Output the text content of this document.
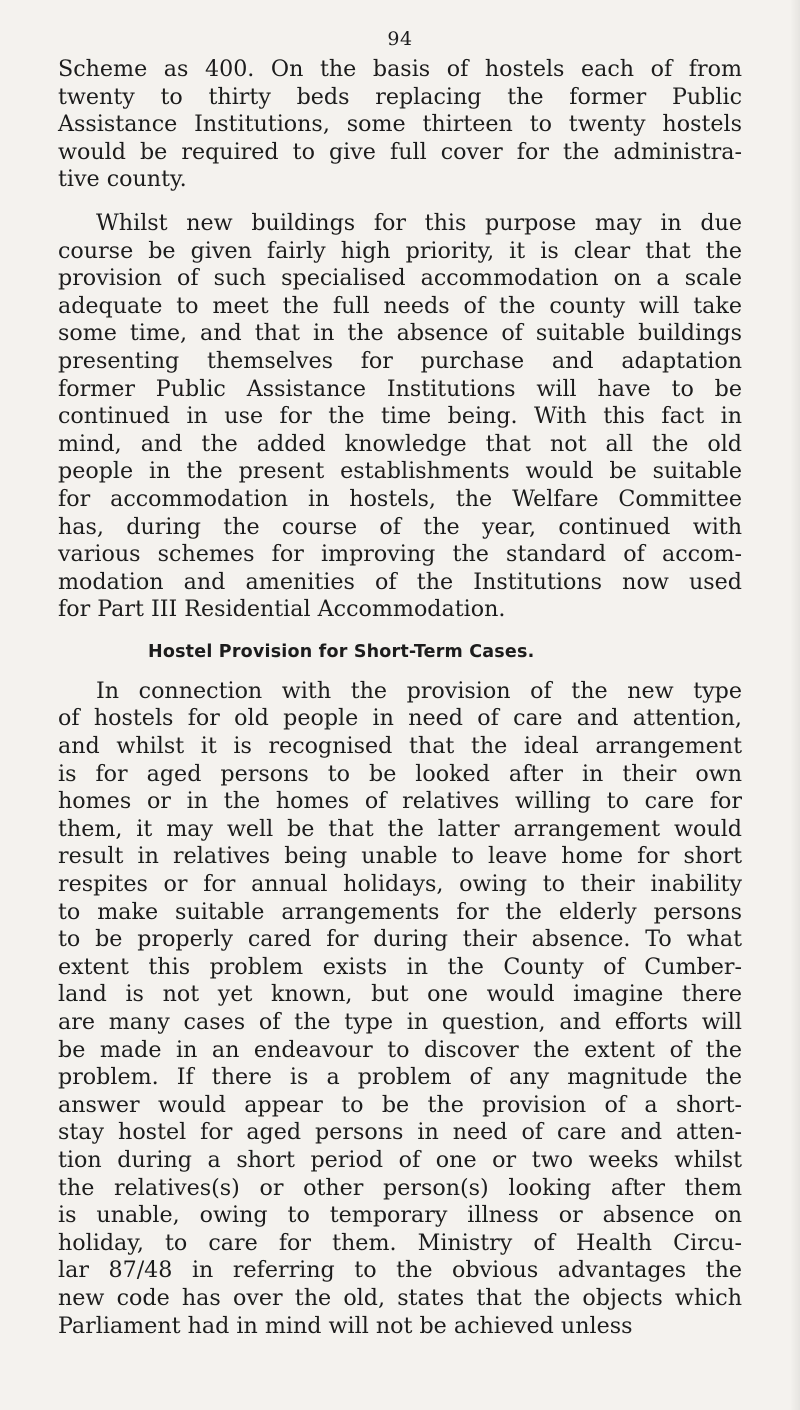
94

Scheme as 400. On the basis of hostels each of from
twenty to thirty beds replacing the former Public
Assistance Institutions, some thirteen to twenty hostels
would be required to give full cover for the administra-
tive county.

Whilst new buildings for this purpose may in due
course be given fairly high priority, it is clear that the
provision of such specialised accommodation on a scale
adequate to meet the full needs of the county will take
some time, and that in the absence of suitable buildings
presenting themselves for purchase and adaptation
former Public Assistance Institutions will have to be
continued in use for the time being. With this fact in
mind, and the added knowledge that not all the old
people in the present establishments would be suitable
for accommodation in hostels, the Welfare Committee
has, during the course of the year, continued with
various schemes for improving the standard of accom-
modation and amenities of the Institutions now used
for Part III Residential Accommodation.

Hostel Provision for Short-Term Cases.

In connection with the provision of the new type
of hostels for old people in need of care and attention,
and whilst it is recognised that the ideal arrangement
is for aged persons to be looked after in their own
homes or in the homes of relatives willing to care for
them, it may well be that the latter arrangement would
result in relatives being unable to leave home for short
respites or for annual holidays, owing to their inability
to make suitable arrangements for the elderly persons
to be properly cared for during their absence. To what
extent this problem exists in the County of Cumber-
land is not yet known, but one would imagine there
are many cases of the type in question, and efforts will
be made in an endeavour to discover the extent of the
problem. If there is a problem of any magnitude the
answer would appear to be the provision of a short-
stay hostel for aged persons in need of care and atten-
tion during a short period of one or two weeks whilst
the relatives(s) or other person(s) looking after them
is unable, owing to temporary illness or absence on
holiday, to care for them. Ministry of Health Circu-
lar 87/48 in referring to the obvious advantages the
new code has over the old, states that the objects which
Parliament had in mind will not be achieved unless
